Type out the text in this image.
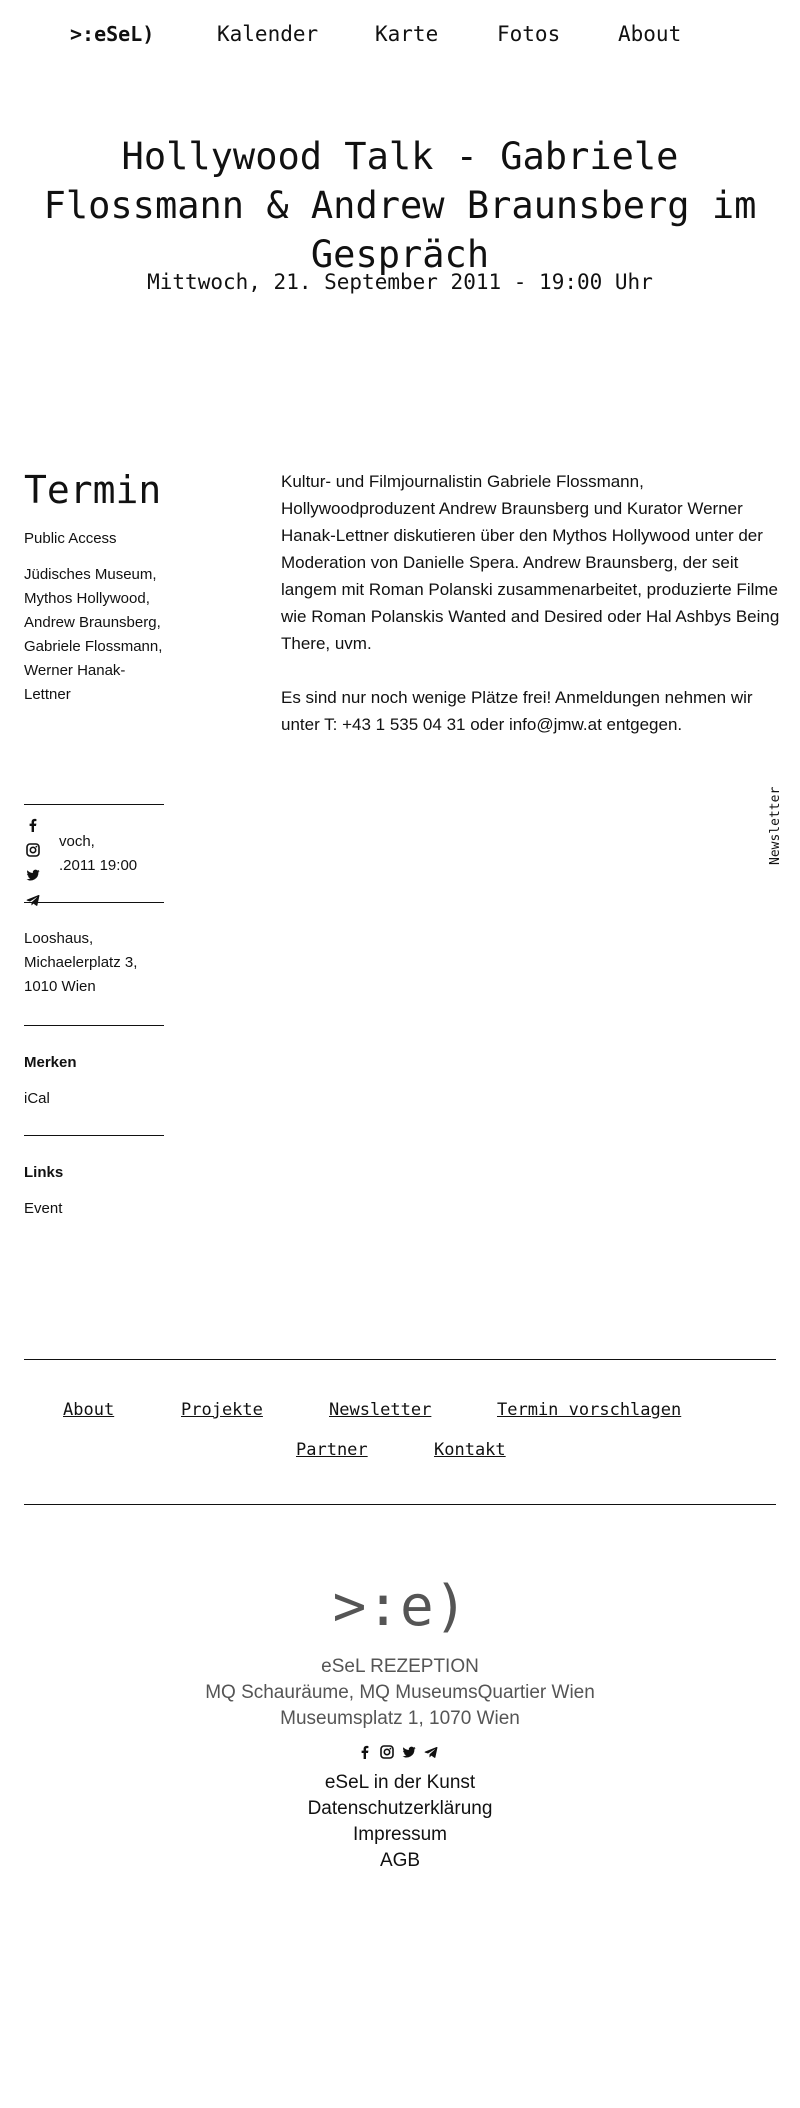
>:eSeL)	Kalender	Karte	Fotos	About
Hollywood Talk - Gabriele Flossmann & Andrew Braunsberg im Gespräch
Mittwoch, 21. September 2011 - 19:00 Uhr
Termin
Public Access
Jüdisches Museum, Mythos Hollywood, Andrew Braunsberg, Gabriele Flossmann, Werner Hanak-Lettner
voch,
.2011 19:00
Looshaus, Michaelerplatz 3, 1010 Wien
Merken
iCal
Links
Event

Kultur- und Filmjournalistin Gabriele Flossmann, Hollywoodproduzent Andrew Braunsberg und Kurator Werner Hanak-Lettner diskutieren über den Mythos Hollywood unter der Moderation von Danielle Spera. Andrew Braunsberg, der seit langem mit Roman Polanski zusammenarbeitet, produzierte Filme wie Roman Polanskis Wanted and Desired oder Hal Ashbys Being There, uvm.

Es sind nur noch wenige Plätze frei! Anmeldungen nehmen wir unter T: +43 1 535 04 31 oder info@jmw.at entgegen.

Newsletter
About	Projekte	Newsletter	Termin vorschlagen
Partner	Kontakt
>:e)
eSeL REZEPTION
MQ Schauräume, MQ MuseumsQuartier Wien
Museumsplatz 1, 1070 Wien
eSeL in der Kunst
Datenschutzerklärung
Impressum
AGB
